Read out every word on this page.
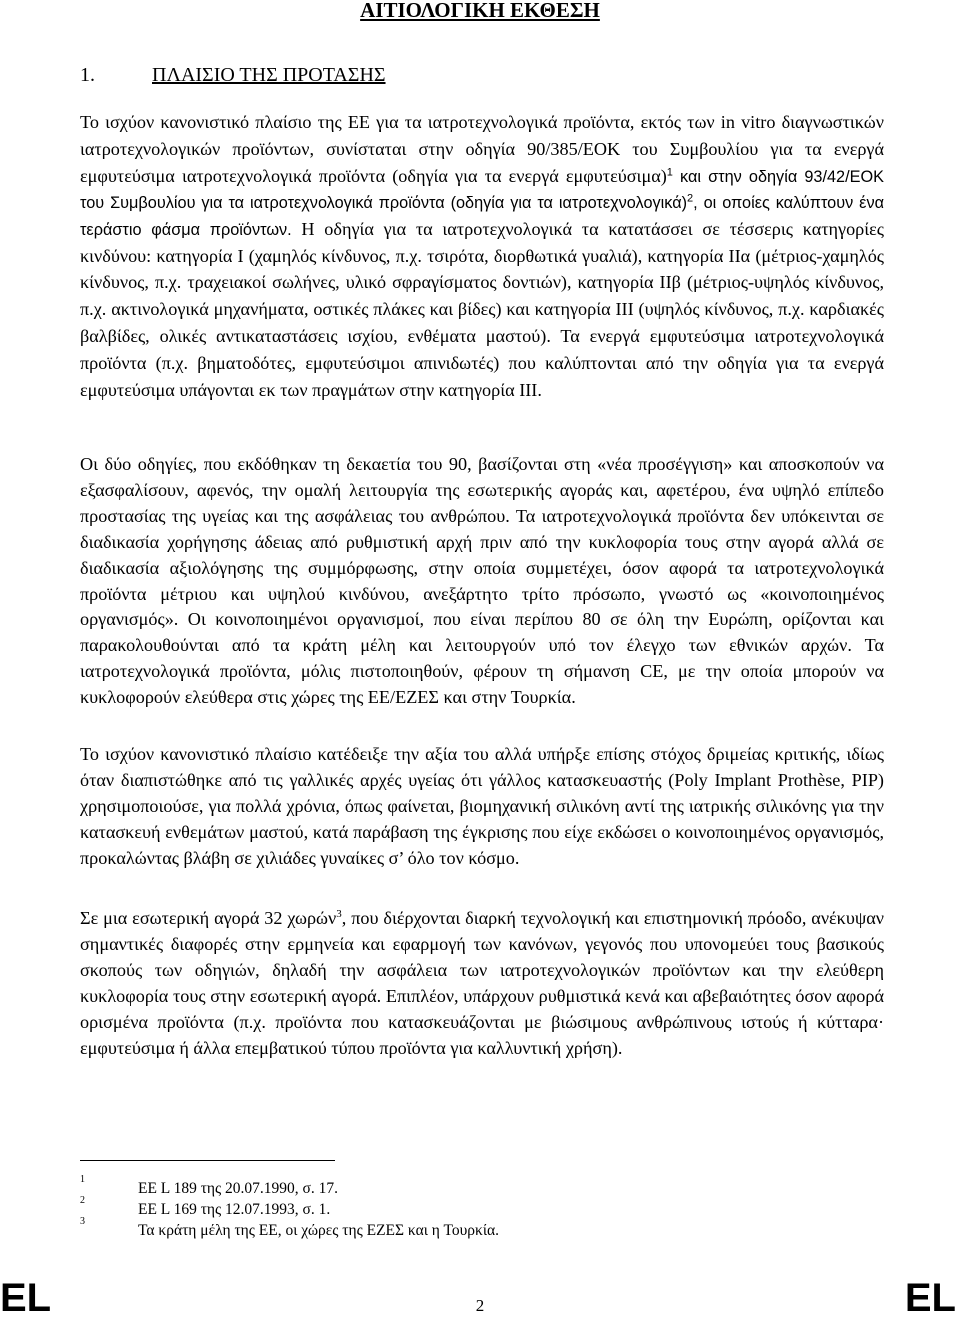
ΑΙΤΙΟΛΟΓΙΚΗ ΕΚΘΕΣΗ
1.	ΠΛΑΙΣΙΟ ΤΗΣ ΠΡΟΤΑΣΗΣ

Το ισχύον κανονιστικό πλαίσιο της ΕΕ για τα ιατροτεχνολογικά προϊόντα, εκτός των in vitro διαγνωστικών ιατροτεχνολογικών προϊόντων, συνίσταται στην οδηγία 90/385/ΕΟΚ του Συμβουλίου για τα ενεργά εμφυτεύσιμα ιατροτεχνολογικά προϊόντα (οδηγία για τα ενεργά εμφυτεύσιμα)$^1$ και στην οδηγία 93/42/ΕΟΚ του Συμβουλίου για τα ιατροτεχνολογικά προϊόντα (οδηγία για τα ιατροτεχνολογικά)$^2$, οι οποίες καλύπτουν ένα τεράστιο φάσμα προϊόντων. Η οδηγία για τα ιατροτεχνολογικά τα κατατάσσει σε τέσσερις κατηγορίες κινδύνου: κατηγορία Ι (χαμηλός κίνδυνος, π.χ. τσιρότα, διορθωτικά γυαλιά), κατηγορία ΙΙα (μέτριος-χαμηλός κίνδυνος, π.χ. τραχειακοί σωλήνες, υλικό σφραγίσματος δοντιών), κατηγορία ΙΙβ (μέτριος-υψηλός κίνδυνος, π.χ. ακτινολογικά μηχανήματα, οστικές πλάκες και βίδες) και κατηγορία ΙΙΙ (υψηλός κίνδυνος, π.χ. καρδιακές βαλβίδες, ολικές αντικαταστάσεις ισχίου, ενθέματα μαστού). Τα ενεργά εμφυτεύσιμα ιατροτεχνολογικά προϊόντα (π.χ. βηματοδότες, εμφυτεύσιμοι απινιδωτές) που καλύπτονται από την οδηγία για τα ενεργά εμφυτεύσιμα υπάγονται εκ των πραγμάτων στην κατηγορία ΙΙΙ.

Οι δύο οδηγίες, που εκδόθηκαν τη δεκαετία του 90, βασίζονται στη «νέα προσέγγιση» και αποσκοπούν να εξασφαλίσουν, αφενός, την ομαλή λειτουργία της εσωτερικής αγοράς και, αφετέρου, ένα υψηλό επίπεδο προστασίας της υγείας και της ασφάλειας του ανθρώπου. Τα ιατροτεχνολογικά προϊόντα δεν υπόκεινται σε διαδικασία χορήγησης άδειας από ρυθμιστική αρχή πριν από την κυκλοφορία τους στην αγορά αλλά σε διαδικασία αξιολόγησης της συμμόρφωσης, στην οποία συμμετέχει, όσον αφορά τα ιατροτεχνολογικά προϊόντα μέτριου και υψηλού κινδύνου, ανεξάρτητο τρίτο πρόσωπο, γνωστό ως «κοινοποιημένος οργανισμός». Οι κοινοποιημένοι οργανισμοί, που είναι περίπου 80 σε όλη την Ευρώπη, ορίζονται και παρακολουθούνται από τα κράτη μέλη και λειτουργούν υπό τον έλεγχο των εθνικών αρχών. Τα ιατροτεχνολογικά προϊόντα, μόλις πιστοποιηθούν, φέρουν τη σήμανση CE, με την οποία μπορούν να κυκλοφορούν ελεύθερα στις χώρες της ΕΕ/ΕΖΕΣ και στην Τουρκία.

Το ισχύον κανονιστικό πλαίσιο κατέδειξε την αξία του αλλά υπήρξε επίσης στόχος δριμείας κριτικής, ιδίως όταν διαπιστώθηκε από τις γαλλικές αρχές υγείας ότι γάλλος κατασκευαστής (Poly Implant Prothèse, PIP) χρησιμοποιούσε, για πολλά χρόνια, όπως φαίνεται, βιομηχανική σιλικόνη αντί της ιατρικής σιλικόνης για την κατασκευή ενθεμάτων μαστού, κατά παράβαση της έγκρισης που είχε εκδώσει ο κοινοποιημένος οργανισμός, προκαλώντας βλάβη σε χιλιάδες γυναίκες σ’ όλο τον κόσμο.

Σε μια εσωτερική αγορά 32 χωρών$^3$, που διέρχονται διαρκή τεχνολογική και επιστημονική πρόοδο, ανέκυψαν σημαντικές διαφορές στην ερμηνεία και εφαρμογή των κανόνων, γεγονός που υπονομεύει τους βασικούς σκοπούς των οδηγιών, δηλαδή την ασφάλεια των ιατροτεχνολογικών προϊόντων και την ελεύθερη κυκλοφορία τους στην εσωτερική αγορά. Επιπλέον, υπάρχουν ρυθμιστικά κενά και αβεβαιότητες όσον αφορά ορισμένα προϊόντα (π.χ. προϊόντα που κατασκευάζονται με βιώσιμους ανθρώπινους ιστούς ή κύτταρα· εμφυτεύσιμα ή άλλα επεμβατικού τύπου προϊόντα για καλλυντική χρήση).

1
ΕΕ L 189 της 20.07.1990, σ. 17.
2
ΕΕ L 169 της 12.07.1993, σ. 1.
3
Τα κράτη μέλη της ΕΕ, οι χώρες της ΕΖΕΣ και η Τουρκία.
EL	2	EL
